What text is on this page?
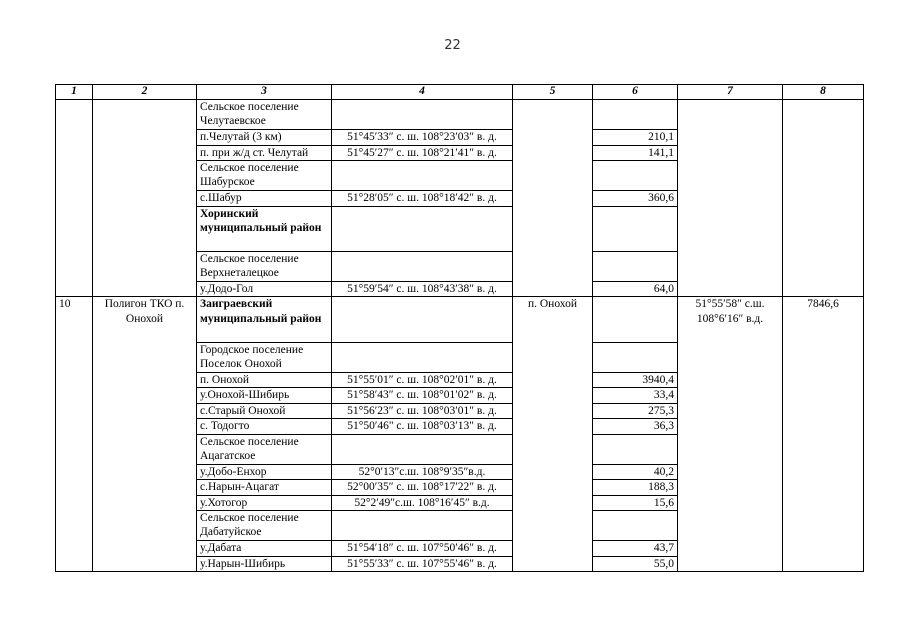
22
1	2	3	4	5	6	7	8
		Сельское поселение Челутаевское					
		п.Челутай (3 км)	51°45′33″ с. ш. 108°23′03″ в. д.		210,1		
		п. при ж/д ст. Челутай	51°45′27″ с. ш. 108°21′41″ в. д.		141,1		
		Сельское поселение Шабурское					
		с.Шабур	51°28′05″ с. ш. 108°18′42″ в. д.		360,6		
		Хоринский муниципальный район					
		Сельское поселение Верхнеталецкое					
		у.Додо-Гол	51°59′54″ с. ш. 108°43′38″ в. д.		64,0		
10	Полигон ТКО п. Онохой	Заиграевский муниципальный район		п. Онохой		51°55′58″ с.ш. 108°6′16″ в.д.	7846,6
		Городское поселение Поселок Онохой					
		п. Онохой	51°55′01″ с. ш. 108°02′01″ в. д.		3940,4		
		у.Онохой-Шибирь	51°58′43″ с. ш. 108°01′02″ в. д.		33,4		
		с.Старый Онохой	51°56′23″ с. ш. 108°03′01″ в. д.		275,3		
		с. Тодогто	51°50′46" с. ш. 108°03′13" в. д.		36,3		
		Сельское поселение Ацагатское					
		у.Добо-Енхор	52°0′13″с.ш. 108°9′35″в.д.		40,2		
		с.Нарын-Ацагат	52°00′35″ с. ш. 108°17′22″ в. д.		188,3		
		у.Хотогор	52°2′49″с.ш. 108°16′45″ в.д.		15,6		
		Сельское поселение Дабатуйское					
		у.Дабата	51°54′18″ с. ш. 107°50′46″ в. д.		43,7		
		у.Нарын-Шибирь	51°55′33″ с. ш. 107°55′46″ в. д.		55,0		
